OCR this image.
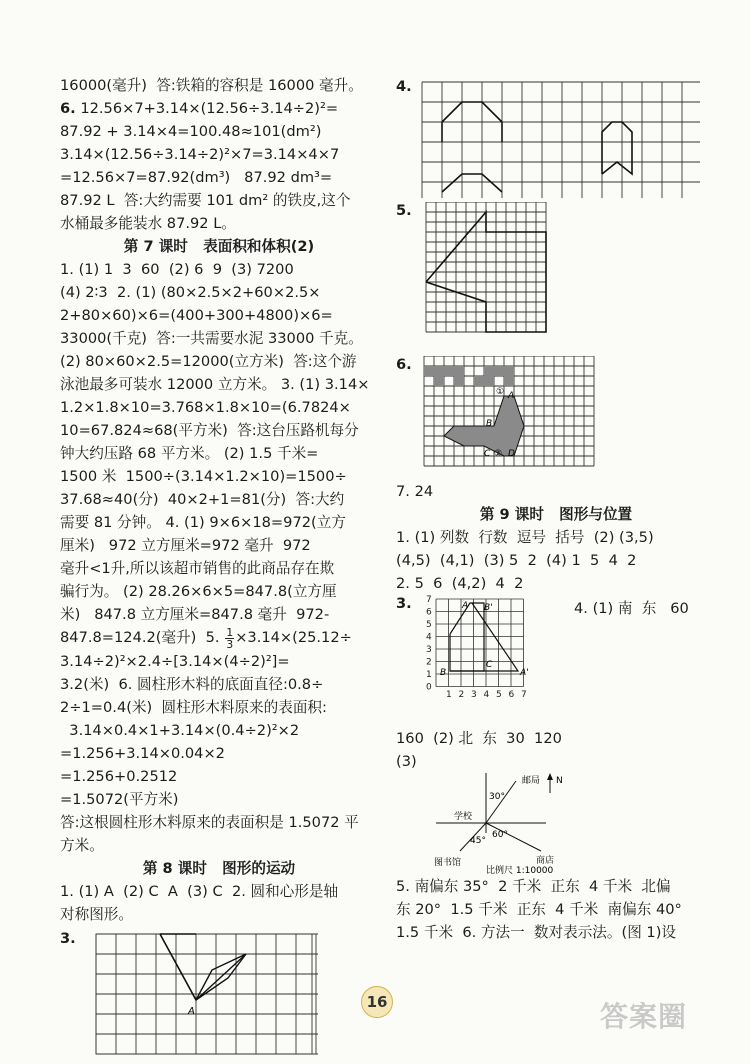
16000(毫升)  答:铁箱的容积是 16000 毫升。

6. 12.56×7+3.14×(12.56÷3.14÷2)²=

87.92 + 3.14×4=100.48≈101(dm²)

3.14×(12.56÷3.14÷2)²×7=3.14×4×7

=12.56×7=87.92(dm³)   87.92 dm³=

87.92 L  答:大约需要 101 dm² 的铁皮,这个

水桶最多能装水 87.92 L。

第 7 课时   表面积和体积(2)

1. (1) 1  3  60  (2) 6  9  (3) 7200

(4) 2∶3  2. (1) (80×2.5×2+60×2.5×

2+80×60)×6=(400+300+4800)×6=

33000(千克)  答:一共需要水泥 33000 千克。

(2) 80×60×2.5=12000(立方米)  答:这个游

泳池最多可装水 12000 立方米。 3. (1) 3.14×

1.2×1.8×10=3.768×1.8×10=(6.7824×

10=67.824≈68(平方米)  答:这台压路机每分

钟大约压路 68 平方米。 (2) 1.5 千米=

1500 米  1500÷(3.14×1.2×10)=1500÷

37.68≈40(分)  40×2+1=81(分)  答:大约

需要 81 分钟。 4. (1) 9×6×18=972(立方

厘米)   972 立方厘米=972 毫升  972

毫升<1升,所以该超市销售的此商品存在欺

骗行为。 (2) 28.26×6×5=847.8(立方厘

米)   847.8 立方厘米=847.8 毫升  972-

847.8=124.2(毫升)  5. $\frac{1}{3} \times 3.14\times(25.12\div$

3.14÷2)²×2.4÷[3.14×(4÷2)²]=

3.2(米)  6. 圆柱形木料的底面直径:0.8÷

2÷1=0.4(米)  圆柱形木料原来的表面积:

3.14×0.4×1+3.14×(0.4÷2)²×2

=1.256+3.14×0.04×2

=1.256+0.2512

=1.5072(平方米)

答:这根圆柱形木料原来的表面积是 1.5072 平

方米。

第 8 课时   图形的运动

1. (1) A  (2) C  A  (3) C  2. 圆和心形是轴

对称图形。

3.
A
4.
5.
6.
A
B
C D
①
②

7. 24

第 9 课时   图形与位置

1. (1) 列数  行数  逗号  括号  (2) (3,5)

(4,5)  (4,1)  (3) 5  2  (4) 1  5  4  2

2. 5  6  (4,2)  4  2

3. 7
6
5
4
3
2
1
0
1 2 3 4 5 6 7
A B'
B
C
A'
4. (1) 南  东   60

160  (2) 北  东  30  120

(3)

N
邮局
学校
图书馆	商店
比例尺 1:10000
30°
45°
60°

5. 南偏东 35°  2 千米  正东  4 千米  北偏

东 20°  1.5 千米  正东  4 千米  南偏东 40°

1.5 千米  6. 方法一  数对表示法。(图 1)设

16	答案圈
